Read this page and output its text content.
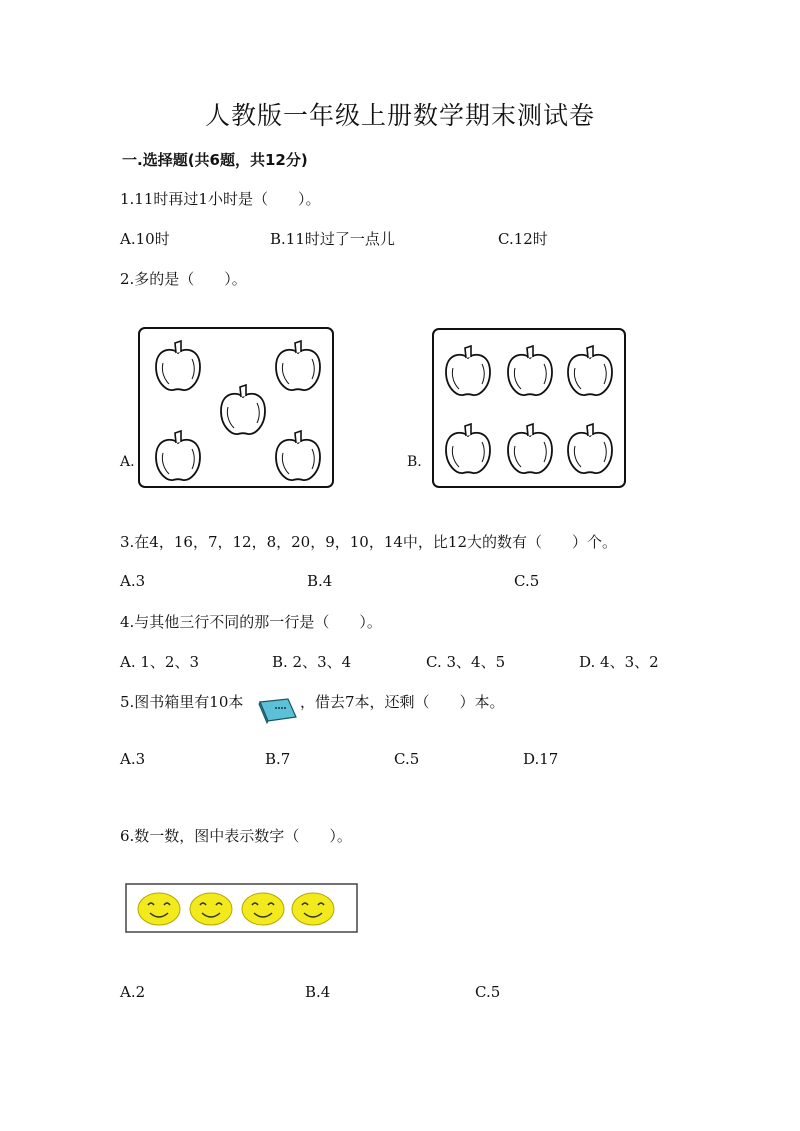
人教版一年级上册数学期末测试卷
一.选择题(共6题，共12分)
1.11时再过1小时是（　　）。
A.10时	B.11时过了一点儿	C.12时
2.多的是（　　）。
A.	B.
3.在4，16，7，12，8，20，9，10，14中，比12大的数有（　　）个。
A.3	B.4	C.5
4.与其他三行不同的那一行是（　　）。
A. 1、2、3	B. 2、3、4	C. 3、4、5	D. 4、3、2
5.图书箱里有10本	，借去7本，还剩（　　）本。
A.3	B.7	C.5	D.17
6.数一数，图中表示数字（　　）。
A.2	B.4	C.5
